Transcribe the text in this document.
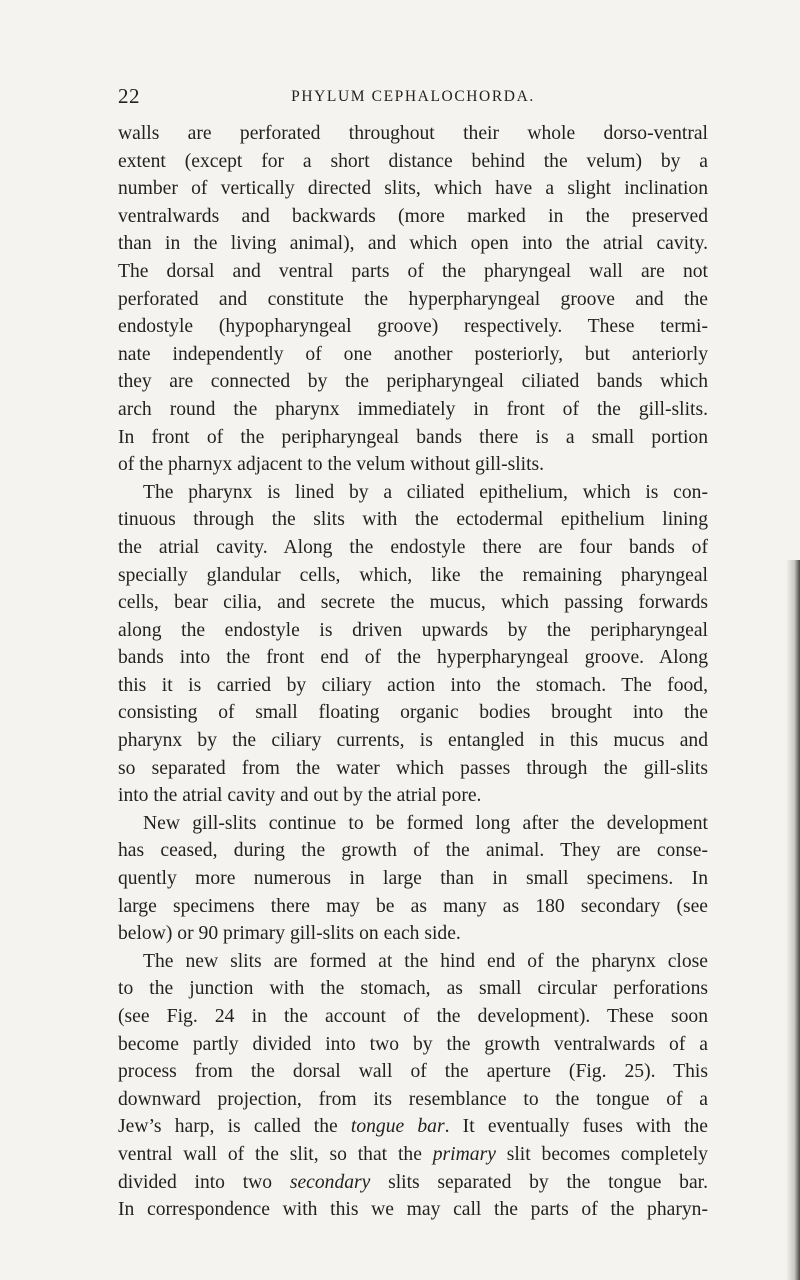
22	PHYLUM CEPHALOCHORDA.
walls are perforated throughout their whole dorso-ventral
extent (except for a short distance behind the velum) by a
number of vertically directed slits, which have a slight inclination
ventralwards and backwards (more marked in the preserved
than in the living animal), and which open into the atrial cavity.
The dorsal and ventral parts of the pharyngeal wall are not
perforated and constitute the hyperpharyngeal groove and the
endostyle (hypopharyngeal groove) respectively. These termi-
nate independently of one another posteriorly, but anteriorly
they are connected by the peripharyngeal ciliated bands which
arch round the pharynx immediately in front of the gill-slits.
In front of the peripharyngeal bands there is a small portion
of the pharnyx adjacent to the velum without gill-slits.
The pharynx is lined by a ciliated epithelium, which is con-
tinuous through the slits with the ectodermal epithelium lining
the atrial cavity. Along the endostyle there are four bands of
specially glandular cells, which, like the remaining pharyngeal
cells, bear cilia, and secrete the mucus, which passing forwards
along the endostyle is driven upwards by the peripharyngeal
bands into the front end of the hyperpharyngeal groove. Along
this it is carried by ciliary action into the stomach. The food,
consisting of small floating organic bodies brought into the
pharynx by the ciliary currents, is entangled in this mucus and
so separated from the water which passes through the gill-slits
into the atrial cavity and out by the atrial pore.
New gill-slits continue to be formed long after the development
has ceased, during the growth of the animal. They are conse-
quently more numerous in large than in small specimens. In
large specimens there may be as many as 180 secondary (see
below) or 90 primary gill-slits on each side.
The new slits are formed at the hind end of the pharynx close
to the junction with the stomach, as small circular perforations
(see Fig. 24 in the account of the development). These soon
become partly divided into two by the growth ventralwards of a
process from the dorsal wall of the aperture (Fig. 25). This
downward projection, from its resemblance to the tongue of a
Jew’s harp, is called the tongue bar. It eventually fuses with the
ventral wall of the slit, so that the primary slit becomes completely
divided into two secondary slits separated by the tongue bar.
In correspondence with this we may call the parts of the pharyn-
